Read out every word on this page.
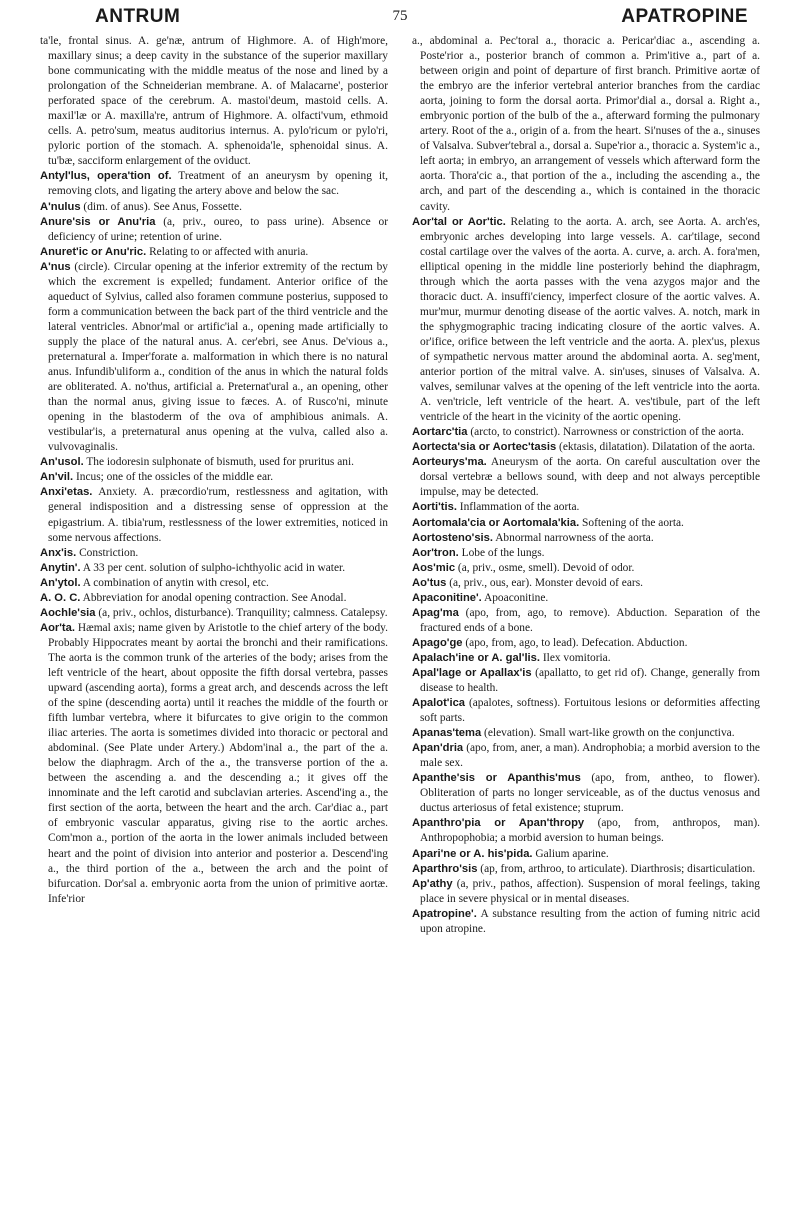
ANTRUM	75	APATROPINE

ta'le, frontal sinus. A. ge'næ, antrum of Highmore. A. of High'more, maxillary sinus; a deep cavity in the substance of the superior maxillary bone communicating with the middle meatus of the nose and lined by a prolongation of the Schneiderian membrane. A. of Malacarne', posterior perforated space of the cerebrum. A. mastoi'deum, mastoid cells. A. maxil'læ or A. maxilla're, antrum of Highmore. A. olfacti'vum, ethmoid cells. A. petro'sum, meatus auditorius internus. A. pylo'ricum or pylo'ri, pyloric portion of the stomach. A. sphenoida'le, sphenoidal sinus. A. tu'bæ, sacciform enlargement of the oviduct.

Antyl'lus, opera'tion of. Treatment of an aneurysm by opening it, removing clots, and ligating the artery above and below the sac.

A'nulus (dim. of anus). See Anus, Fossette.

Anure'sis or Anu'ria (a, priv., oureo, to pass urine). Absence or deficiency of urine; retention of urine.

Anuret'ic or Anu'ric. Relating to or affected with anuria.

A'nus (circle). Circular opening at the inferior extremity of the rectum by which the excrement is expelled; fundament. Anterior orifice of the aqueduct of Sylvius, called also foramen commune posterius, supposed to form a communication between the back part of the third ventricle and the lateral ventricles. Abnor'mal or artific'ial a., opening made artificially to supply the place of the natural anus. A. cer'ebri, see Anus. De'vious a., preternatural a. Imper'forate a. malformation in which there is no natural anus. Infundib'uliform a., condition of the anus in which the natural folds are obliterated. A. no'thus, artificial a. Preternat'ural a., an opening, other than the normal anus, giving issue to fæces. A. of Rusco'ni, minute opening in the blastoderm of the ova of amphibious animals. A. vestibular'is, a preternatural anus opening at the vulva, called also a. vulvovaginalis.

An'usol. The iodoresin sulphonate of bismuth, used for pruritus ani.

An'vil. Incus; one of the ossicles of the middle ear.

Anxi'etas. Anxiety. A. præcordio'rum, restlessness and agitation, with general indisposition and a distressing sense of oppression at the epigastrium. A. tibia'rum, restlessness of the lower extremities, noticed in some nervous affections.

Anx'is. Constriction.

Anytin'. A 33 per cent. solution of sulpho-ichthyolic acid in water.

An'ytol. A combination of anytin with cresol, etc.

A. O. C. Abbreviation for anodal opening contraction. See Anodal.

Aochle'sia (a, priv., ochlos, disturbance). Tranquility; calmness. Catalepsy.

Aor'ta. Hæmal axis; name given by Aristotle to the chief artery of the body. Probably Hippocrates meant by aortai the bronchi and their ramifications. The aorta is the common trunk of the arteries of the body; arises from the left ventricle of the heart, about opposite the fifth dorsal vertebra, passes upward (ascending aorta), forms a great arch, and descends across the left of the spine (descending aorta) until it reaches the middle of the fourth or fifth lumbar vertebra, where it bifurcates to give origin to the common iliac arteries. The aorta is sometimes divided into thoracic or pectoral and abdominal. (See Plate under Artery.) Abdom'inal a., the part of the a. below the diaphragm. Arch of the a., the transverse portion of the a. between the ascending a. and the descending a.; it gives off the innominate and the left carotid and subclavian arteries. Ascend'ing a., the first section of the aorta, between the heart and the arch. Car'diac a., part of embryonic vascular apparatus, giving rise to the aortic arches. Com'mon a., portion of the aorta in the lower animals included between heart and the point of division into anterior and posterior a. Descend'ing a., the third portion of the a., between the arch and the point of bifurcation. Dor'sal a. embryonic aorta from the union of primitive aortæ. Infe'rior

a., abdominal a. Pec'toral a., thoracic a. Pericar'diac a., ascending a. Poste'rior a., posterior branch of common a. Prim'itive a., part of a. between origin and point of departure of first branch. Primitive aortæ of the embryo are the inferior vertebral anterior branches from the cardiac aorta, joining to form the dorsal aorta. Primor'dial a., dorsal a. Right a., embryonic portion of the bulb of the a., afterward forming the pulmonary artery. Root of the a., origin of a. from the heart. Si'nuses of the a., sinuses of Valsalva. Subver'tebral a., dorsal a. Supe'rior a., thoracic a. System'ic a., left aorta; in embryo, an arrangement of vessels which afterward form the aorta. Thora'cic a., that portion of the a., including the ascending a., the arch, and part of the descending a., which is contained in the thoracic cavity.

Aor'tal or Aor'tic. Relating to the aorta. A. arch, see Aorta. A. arch'es, embryonic arches developing into large vessels. A. car'tilage, second costal cartilage over the valves of the aorta. A. curve, a. arch. A. fora'men, elliptical opening in the middle line posteriorly behind the diaphragm, through which the aorta passes with the vena azygos major and the thoracic duct. A. insuffi'ciency, imperfect closure of the aortic valves. A. mur'mur, murmur denoting disease of the aortic valves. A. notch, mark in the sphygmographic tracing indicating closure of the aortic valves. A. or'ifice, orifice between the left ventricle and the aorta. A. plex'us, plexus of sympathetic nervous matter around the abdominal aorta. A. seg'ment, anterior portion of the mitral valve. A. sin'uses, sinuses of Valsalva. A. valves, semilunar valves at the opening of the left ventricle into the aorta. A. ven'tricle, left ventricle of the heart. A. ves'tibule, part of the left ventricle of the heart in the vicinity of the aortic opening.

Aortarc'tia (arcto, to constrict). Narrowness or constriction of the aorta.

Aortecta'sia or Aortec'tasis (ektasis, dilatation). Dilatation of the aorta.

Aorteurys'ma. Aneurysm of the aorta. On careful auscultation over the dorsal vertebræ a bellows sound, with deep and not always perceptible impulse, may be detected.

Aorti'tis. Inflammation of the aorta.

Aortomala'cia or Aortomala'kia. Softening of the aorta.

Aortosteno'sis. Abnormal narrowness of the aorta.

Aor'tron. Lobe of the lungs.

Aos'mic (a, priv., osme, smell). Devoid of odor.

Ao'tus (a, priv., ous, ear). Monster devoid of ears.

Apaconitine'. Apoaconitine.

Apag'ma (apo, from, ago, to remove). Abduction. Separation of the fractured ends of a bone.

Apago'ge (apo, from, ago, to lead). Defecation. Abduction.

Apalach'ine or A. gal'lis. Ilex vomitoria.

Apal'lage or Apallax'is (apallatto, to get rid of). Change, generally from disease to health.

Apalot'ica (apalotes, softness). Fortuitous lesions or deformities affecting soft parts.

Apanas'tema (elevation). Small wart-like growth on the conjunctiva.

Apan'dria (apo, from, aner, a man). Androphobia; a morbid aversion to the male sex.

Apanthe'sis or Apanthis'mus (apo, from, antheo, to flower). Obliteration of parts no longer serviceable, as of the ductus venosus and ductus arteriosus of fetal existence; stuprum.

Apanthro'pia or Apan'thropy (apo, from, anthropos, man). Anthropophobia; a morbid aversion to human beings.

Apari'ne or A. his'pida. Galium aparine.

Aparthro'sis (ap, from, arthroo, to articulate). Diarthrosis; disarticulation.

Ap'athy (a, priv., pathos, affection). Suspension of moral feelings, taking place in severe physical or in mental diseases.

Apatropine'. A substance resulting from the action of fuming nitric acid upon atropine.
